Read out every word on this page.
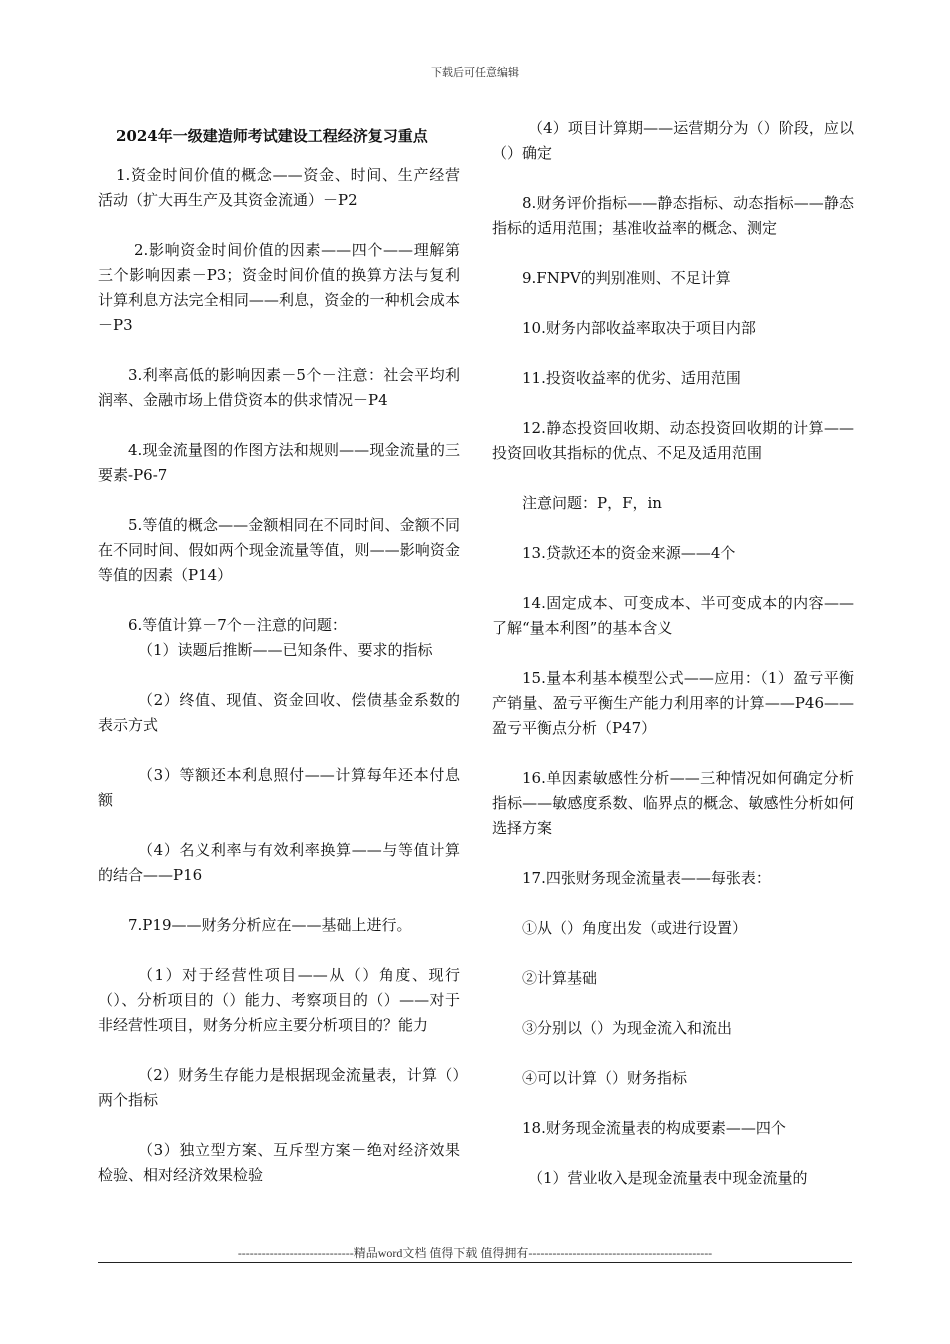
下载后可任意编辑
2024年一级建造师考试建设工程经济复习重点
1.资金时间价值的概念——资金、时间、生产经营活动（扩大再生产及其资金流通）－P2
2.影响资金时间价值的因素——四个——理解第三个影响因素－P3；资金时间价值的换算方法与复利计算利息方法完全相同——利息，资金的一种机会成本－P3
3.利率高低的影响因素－5个－注意：社会平均利润率、金融市场上借贷资本的供求情况－P4
4.现金流量图的作图方法和规则——现金流量的三要素-P6-7
5.等值的概念——金额相同在不同时间、金额不同在不同时间、假如两个现金流量等值，则——影响资金等值的因素（P14）
6.等值计算－7个－注意的问题：
（1）读题后推断——已知条件、要求的指标
（2）终值、现值、资金回收、偿债基金系数的表示方式
（3）等额还本利息照付——计算每年还本付息额
（4）名义利率与有效利率换算——与等值计算的结合——P16
7.P19——财务分析应在——基础上进行。
（1）对于经营性项目——从（）角度、现行（）、分析项目的（）能力、考察项目的（）——对于非经营性项目，财务分析应主要分析项目的？能力
（2）财务生存能力是根据现金流量表，计算（）两个指标
（3）独立型方案、互斥型方案－绝对经济效果检验、相对经济效果检验
（4）项目计算期——运营期分为（）阶段，应以（）确定
8.财务评价指标——静态指标、动态指标——静态指标的适用范围；基准收益率的概念、测定
9.FNPV的判别准则、不足计算
10.财务内部收益率取决于项目内部
11.投资收益率的优劣、适用范围
12.静态投资回收期、动态投资回收期的计算——投资回收其指标的优点、不足及适用范围
注意问题：P，F，in
13.贷款还本的资金来源——4个
14.固定成本、可变成本、半可变成本的内容——了解“量本利图”的基本含义
15.量本利基本模型公式——应用：（1）盈亏平衡产销量、盈亏平衡生产能力利用率的计算——P46——盈亏平衡点分析（P47）
16.单因素敏感性分析——三种情况如何确定分析指标——敏感度系数、临界点的概念、敏感性分析如何选择方案
17.四张财务现金流量表——每张表：
①从（）角度出发（或进行设置）
②计算基础
③分别以（）为现金流入和流出
④可以计算（）财务指标
18.财务现金流量表的构成要素——四个
（1）营业收入是现金流量表中现金流量的
-----------------------------精品word文档 值得下载 值得拥有----------------------------------------------
